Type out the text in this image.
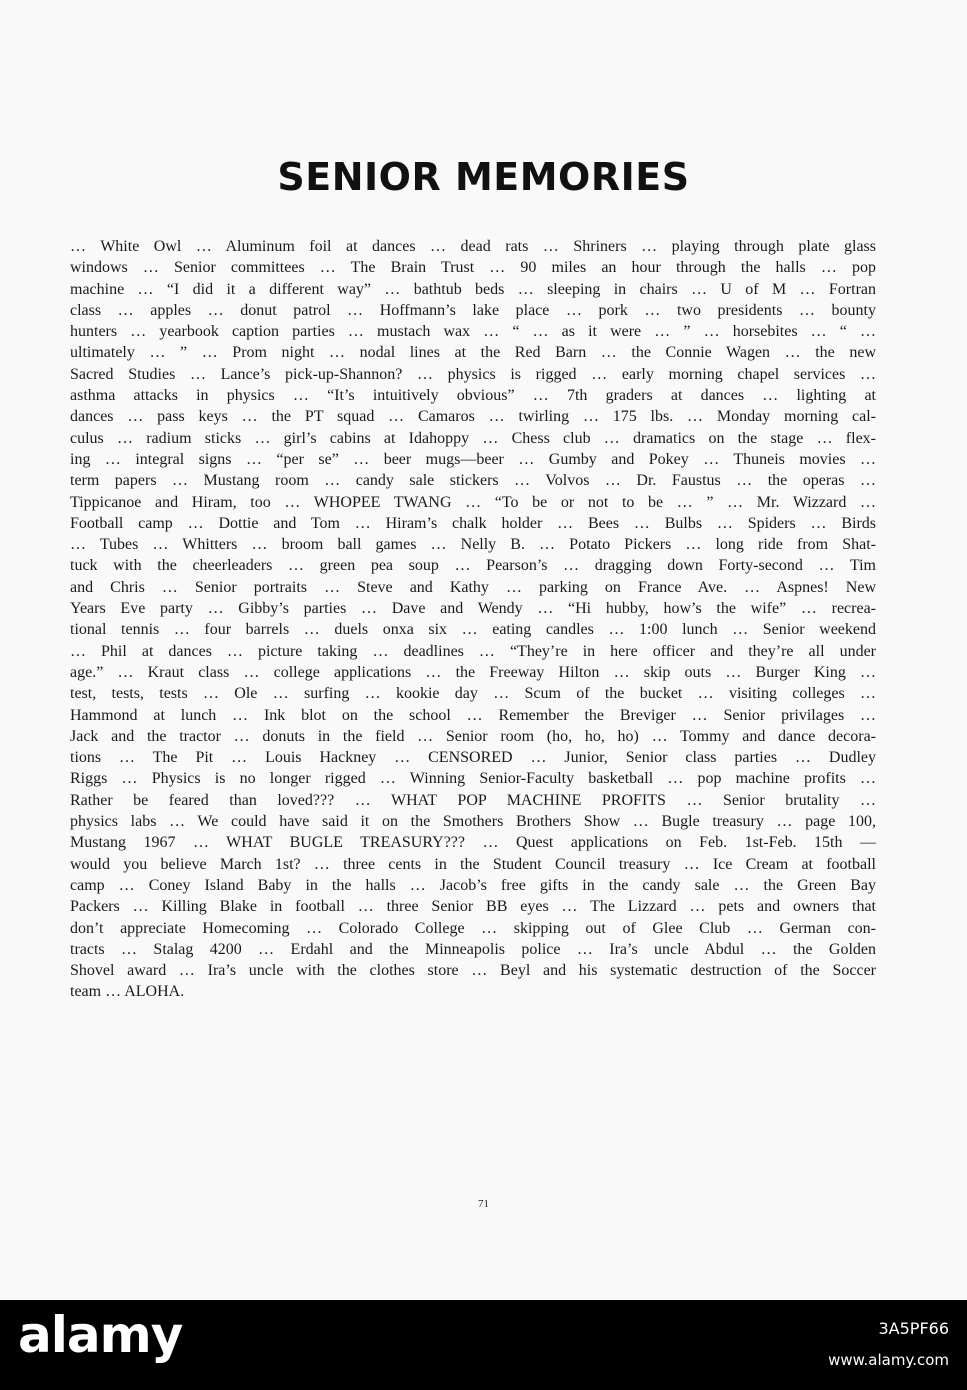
SENIOR MEMORIES
… White Owl … Aluminum foil at dances … dead rats … Shriners … playing through plate glass
windows … Senior committees … The Brain Trust … 90 miles an hour through the halls … pop
machine … “I did it a different way” … bathtub beds … sleeping in chairs … U of M … Fortran
class … apples … donut patrol … Hoffmann’s lake place … pork … two presidents … bounty
hunters … yearbook caption parties … mustach wax … “ … as it were … ” … horsebites … “ …
ultimately … ” … Prom night … nodal lines at the Red Barn … the Connie Wagen … the new
Sacred Studies … Lance’s pick-up-Shannon? … physics is rigged … early morning chapel services …
asthma attacks in physics … “It’s intuitively obvious” … 7th graders at dances … lighting at
dances … pass keys … the PT squad … Camaros … twirling … 175 lbs. … Monday morning cal-
culus … radium sticks … girl’s cabins at Idahoppy … Chess club … dramatics on the stage … flex-
ing … integral signs … “per se” … beer mugs—beer … Gumby and Pokey … Thuneis movies …
term papers … Mustang room … candy sale stickers … Volvos … Dr. Faustus … the operas …
Tippicanoe and Hiram, too … WHOPEE TWANG … “To be or not to be … ” … Mr. Wizzard …
Football camp … Dottie and Tom … Hiram’s chalk holder … Bees … Bulbs … Spiders … Birds
… Tubes … Whitters … broom ball games … Nelly B. … Potato Pickers … long ride from Shat-
tuck with the cheerleaders … green pea soup … Pearson’s … dragging down Forty-second … Tim
and Chris … Senior portraits … Steve and Kathy … parking on France Ave. … Aspnes! New
Years Eve party … Gibby’s parties … Dave and Wendy … “Hi hubby, how’s the wife” … recrea-
tional tennis … four barrels … duels onxa six … eating candles … 1:00 lunch … Senior weekend
… Phil at dances … picture taking … deadlines … “They’re in here officer and they’re all under
age.” … Kraut class … college applications … the Freeway Hilton … skip outs … Burger King …
test, tests, tests … Ole … surfing … kookie day … Scum of the bucket … visiting colleges …
Hammond at lunch … Ink blot on the school … Remember the Breviger … Senior privilages …
Jack and the tractor … donuts in the field … Senior room (ho, ho, ho) … Tommy and dance decora-
tions … The Pit … Louis Hackney … CENSORED … Junior, Senior class parties … Dudley
Riggs … Physics is no longer rigged … Winning Senior-Faculty basketball … pop machine profits …
Rather be feared than loved??? … WHAT POP MACHINE PROFITS … Senior brutality …
physics labs … We could have said it on the Smothers Brothers Show … Bugle treasury … page 100,
Mustang 1967 … WHAT BUGLE TREASURY??? … Quest applications on Feb. 1st-Feb. 15th —
would you believe March 1st? … three cents in the Student Council treasury … Ice Cream at football
camp … Coney Island Baby in the halls … Jacob’s free gifts in the candy sale … the Green Bay
Packers … Killing Blake in football … three Senior BB eyes … The Lizzard … pets and owners that
don’t appreciate Homecoming … Colorado College … skipping out of Glee Club … German con-
tracts … Stalag 4200 … Erdahl and the Minneapolis police … Ira’s uncle Abdul … the Golden
Shovel award … Ira’s uncle with the clothes store … Beyl and his systematic destruction of the Soccer
team … ALOHA.
71
alamy	3A5PF66
www.alamy.com
